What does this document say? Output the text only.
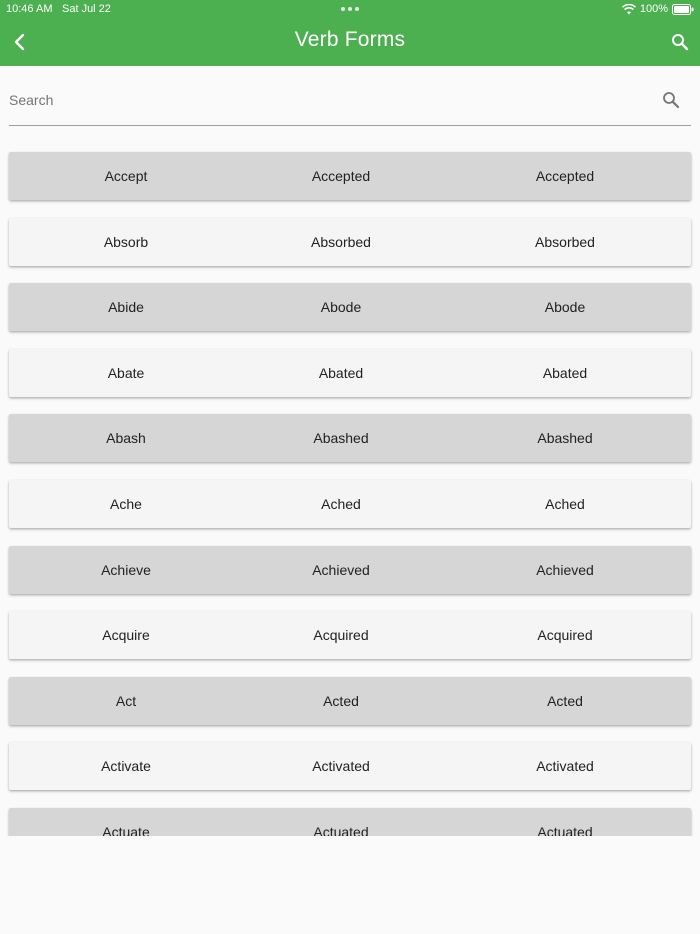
10:46 AM Sat Jul 22	100%
Verb Forms
Search
Accept	Accepted	Accepted
Absorb	Absorbed	Absorbed
Abide	Abode	Abode
Abate	Abated	Abated
Abash	Abashed	Abashed
Ache	Ached	Ached
Achieve	Achieved	Achieved
Acquire	Acquired	Acquired
Act	Acted	Acted
Activate	Activated	Activated
Actuate	Actuated	Actuated
